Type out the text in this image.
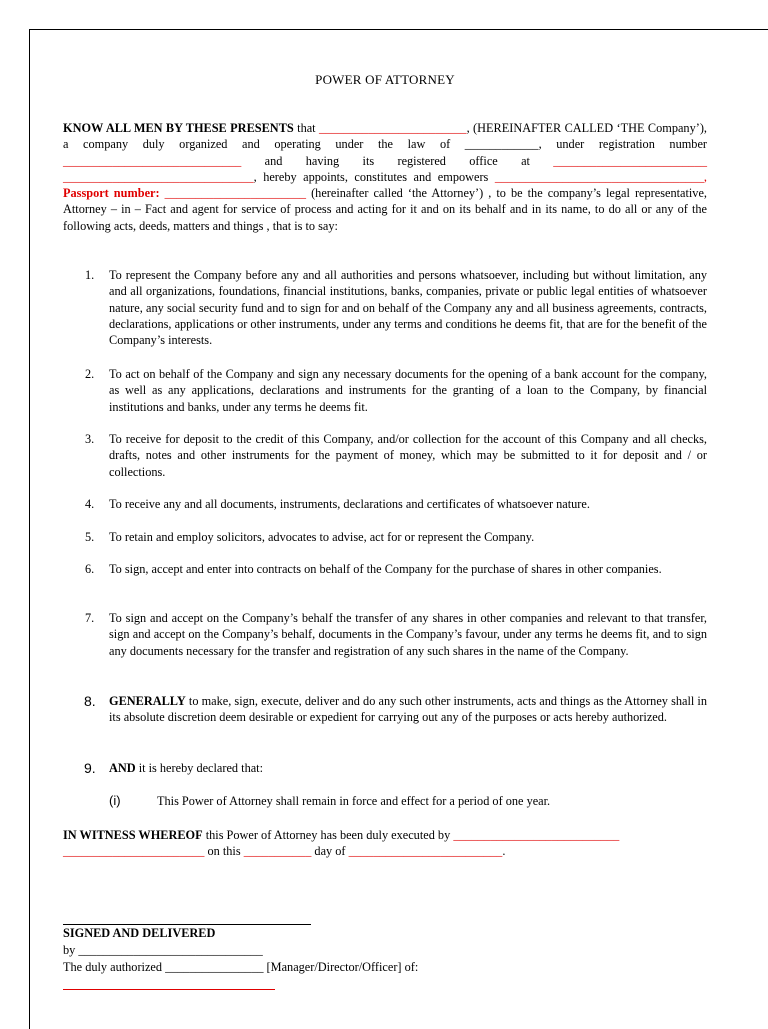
POWER OF ATTORNEY
KNOW ALL MEN BY THESE PRESENTS that ________________________, (HEREINAFTER CALLED ‘THE Company’), a company duly organized and operating under the law of ____________, under registration number _____________________________ and having its registered office at _________________________ _______________________________, hereby appoints, constitutes and empowers __________________________________, Passport number: _______________________ (hereinafter called ‘the Attorney’) , to be the company’s legal representative, Attorney – in – Fact and agent for service of process and acting for it and on its behalf and in its name, to do all or any of the following acts, deeds, matters and things , that is to say:
1. To represent the Company before any and all authorities and persons whatsoever, including but without limitation, any and all organizations, foundations, financial institutions, banks, companies, private or public legal entities of whatsoever nature, any social security fund and to sign for and on behalf of the Company any and all business agreements, contracts, declarations, applications or other instruments, under any terms and conditions he deems fit, that are for the benefit of the Company’s interests.
2. To act on behalf of the Company and sign any necessary documents for the opening of a bank account for the company, as well as any applications, declarations and instruments for the granting of a loan to the Company, by financial institutions and banks, under any terms he deems fit.
3. To receive for deposit to the credit of this Company, and/or collection for the account of this Company and all checks, drafts, notes and other instruments for the payment of money, which may be submitted to it for deposit and / or collections.
4. To receive any and all documents, instruments, declarations and certificates of whatsoever nature.
5. To retain and employ solicitors, advocates to advise, act for or represent the Company.
6. To sign, accept and enter into contracts on behalf of the Company for the purchase of shares in other companies.
7. To sign and accept on the Company’s behalf the transfer of any shares in other companies and relevant to that transfer, sign and accept on the Company’s behalf, documents in the Company’s favour, under any terms he deems fit, and to sign any documents necessary for the transfer and registration of any such shares in the name of the Company.
8. GENERALLY to make, sign, execute, deliver and do any such other instruments, acts and things as the Attorney shall in its absolute discretion deem desirable or expedient for carrying out any of the purposes or acts hereby authorized.
9. AND it is hereby declared that:
(i)	This Power of Attorney shall remain in force and effect for a period of one year.
IN WITNESS WHEREOF this Power of Attorney has been duly executed by ___________________________
_______________________ on this ___________ day of _________________________.
SIGNED AND DELIVERED
by ______________________________
The duly authorized ________________ [Manager/Director/Officer] of:
